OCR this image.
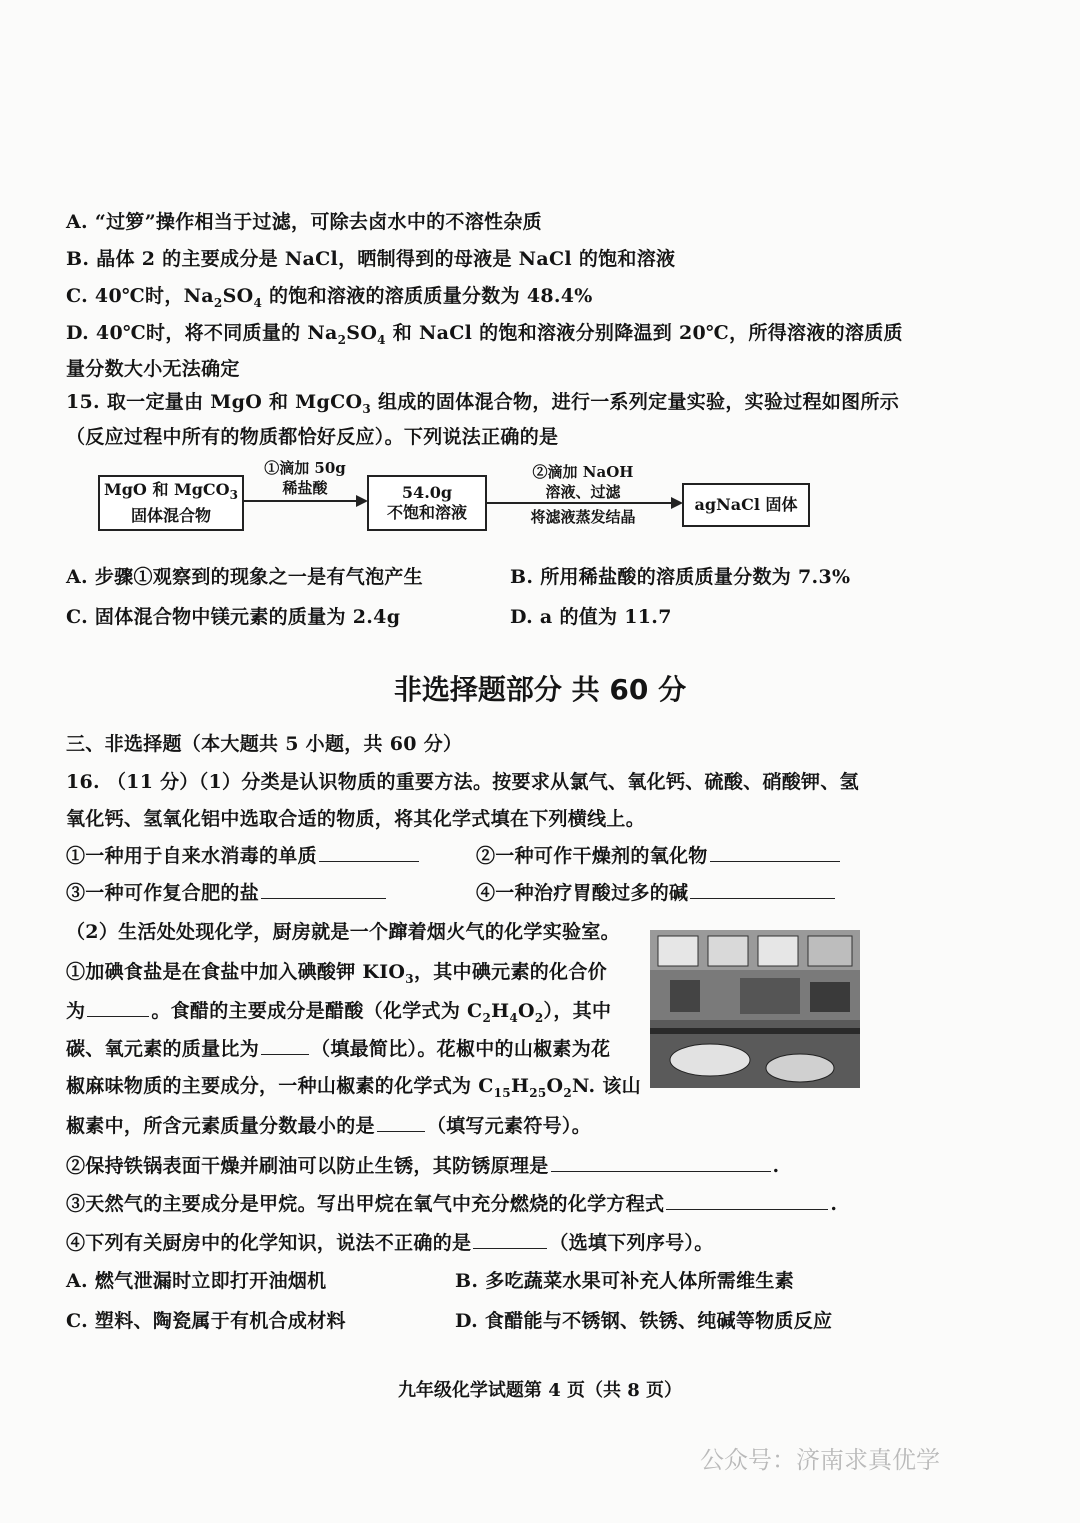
A. “过箩”操作相当于过滤，可除去卤水中的不溶性杂质
B. 晶体 2 的主要成分是 NaCl，晒制得到的母液是 NaCl 的饱和溶液
C. 40℃时，$Na_2SO_4$ 的饱和溶液的溶质质量分数为 48.4%
D. 40℃时，将不同质量的 $Na_2SO_4$ 和 NaCl 的饱和溶液分别降温到 20℃，所得溶液的溶质质
量分数大小无法确定
15. 取一定量由 MgO 和 MgCO$_3$ 组成的固体混合物，进行一系列定量实验，实验过程如图所示
（反应过程中所有的物质都恰好反应）。下列说法正确的是
MgO 和 MgCO$_3$
固体混合物
①滴加 50g
稀盐酸	54.0g
不饱和溶液
②滴加 NaOH
溶液、过滤
将滤液蒸发结晶
agNaCl 固体
A. 步骤①观察到的现象之一是有气泡产生	B. 所用稀盐酸的溶质质量分数为 7.3%
C. 固体混合物中镁元素的质量为 2.4g	D. a 的值为 11.7
非选择题部分 共 60 分
三、非选择题（本大题共 5 小题，共 60 分）
16. （11 分）（1）分类是认识物质的重要方法。按要求从氯气、氧化钙、硫酸、硝酸钾、氢
氧化钙、氢氧化铝中选取合适的物质，将其化学式填在下列横线上。
①一种用于自来水消毒的单质	②一种可作干燥剂的氧化物
③一种可作复合肥的盐	④一种治疗胃酸过多的碱
（2）生活处处现化学，厨房就是一个蹿着烟火气的化学实验室。
①加碘食盐是在食盐中加入碘酸钾 $KIO_3$，其中碘元素的化合价
为	。食醋的主要成分是醋酸（化学式为 $C_2H_4O_2$），其中
碳、氧元素的质量比为	（填最简比）。花椒中的山椒素为花
椒麻味物质的主要成分，一种山椒素的化学式为 $C_{15}H_{25}O_2N$. 该山
椒素中，所含元素质量分数最小的是	（填写元素符号）。
②保持铁锅表面干燥并刷油可以防止生锈，其防锈原理是	.
③天然气的主要成分是甲烷。写出甲烷在氧气中充分燃烧的化学方程式	.
④下列有关厨房中的化学知识，说法不正确的是	（选填下列序号）。
A. 燃气泄漏时立即打开油烟机	B. 多吃蔬菜水果可补充人体所需维生素
C. 塑料、陶瓷属于有机合成材料	D. 食醋能与不锈钢、铁锈、纯碱等物质反应
九年级化学试题第 4 页（共 8 页）
公众号：济南求真优学
